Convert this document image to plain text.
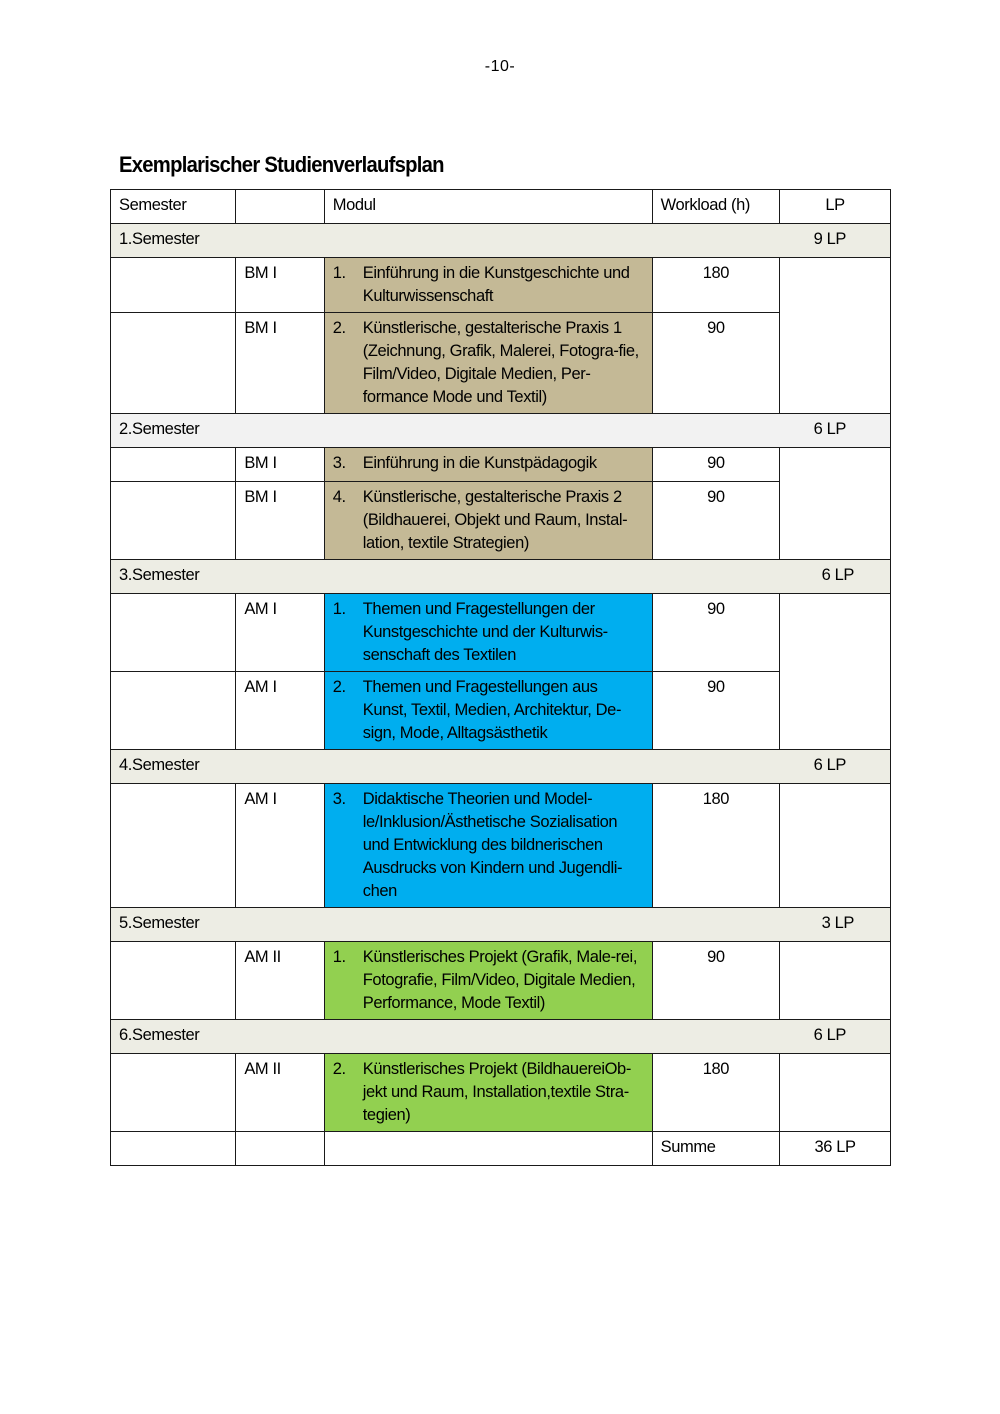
-10-
Exemplarischer Studienverlaufsplan
Semester		Modul	Workload (h)	LP
1.Semester				9 LP
	BM I	1. Einführung in die Kunstgeschichte und Kulturwissenschaft	180	
	BM I	2. Künstlerische, gestalterische Praxis 1 (Zeichnung, Grafik, Malerei, Fotogra-fie, Film/Video, Digitale Medien, Per-formance Mode und Textil)	90	
2.Semester				6 LP
	BM I	3. Einführung in die Kunstpädagogik	90	
	BM I	4. Künstlerische, gestalterische Praxis 2 (Bildhauerei, Objekt und Raum, Instal-lation, textile Strategien)	90	
3.Semester				6 LP
	AM I	1. Themen und Fragestellungen der Kunstgeschichte und der Kulturwis-senschaft des Textilen	90	
	AM I	2. Themen und Fragestellungen aus Kunst, Textil, Medien, Architektur, De-sign, Mode, Alltagsästhetik	90	
4.Semester				6 LP
	AM I	3. Didaktische Theorien und Model-le/Inklusion/Ästhetische Sozialisation und Entwicklung des bildnerischen Ausdrucks von Kindern und Jugendli-chen	180	
5.Semester				3 LP
	AM II	1. Künstlerisches Projekt (Grafik, Male-rei, Fotografie, Film/Video, Digitale Medien, Performance, Mode Textil)	90	
6.Semester				6 LP
	AM II	2. Künstlerisches Projekt (BildhauereiOb-jekt und Raum, Installation,textile Stra-tegien)	180	
			Summe	36 LP
